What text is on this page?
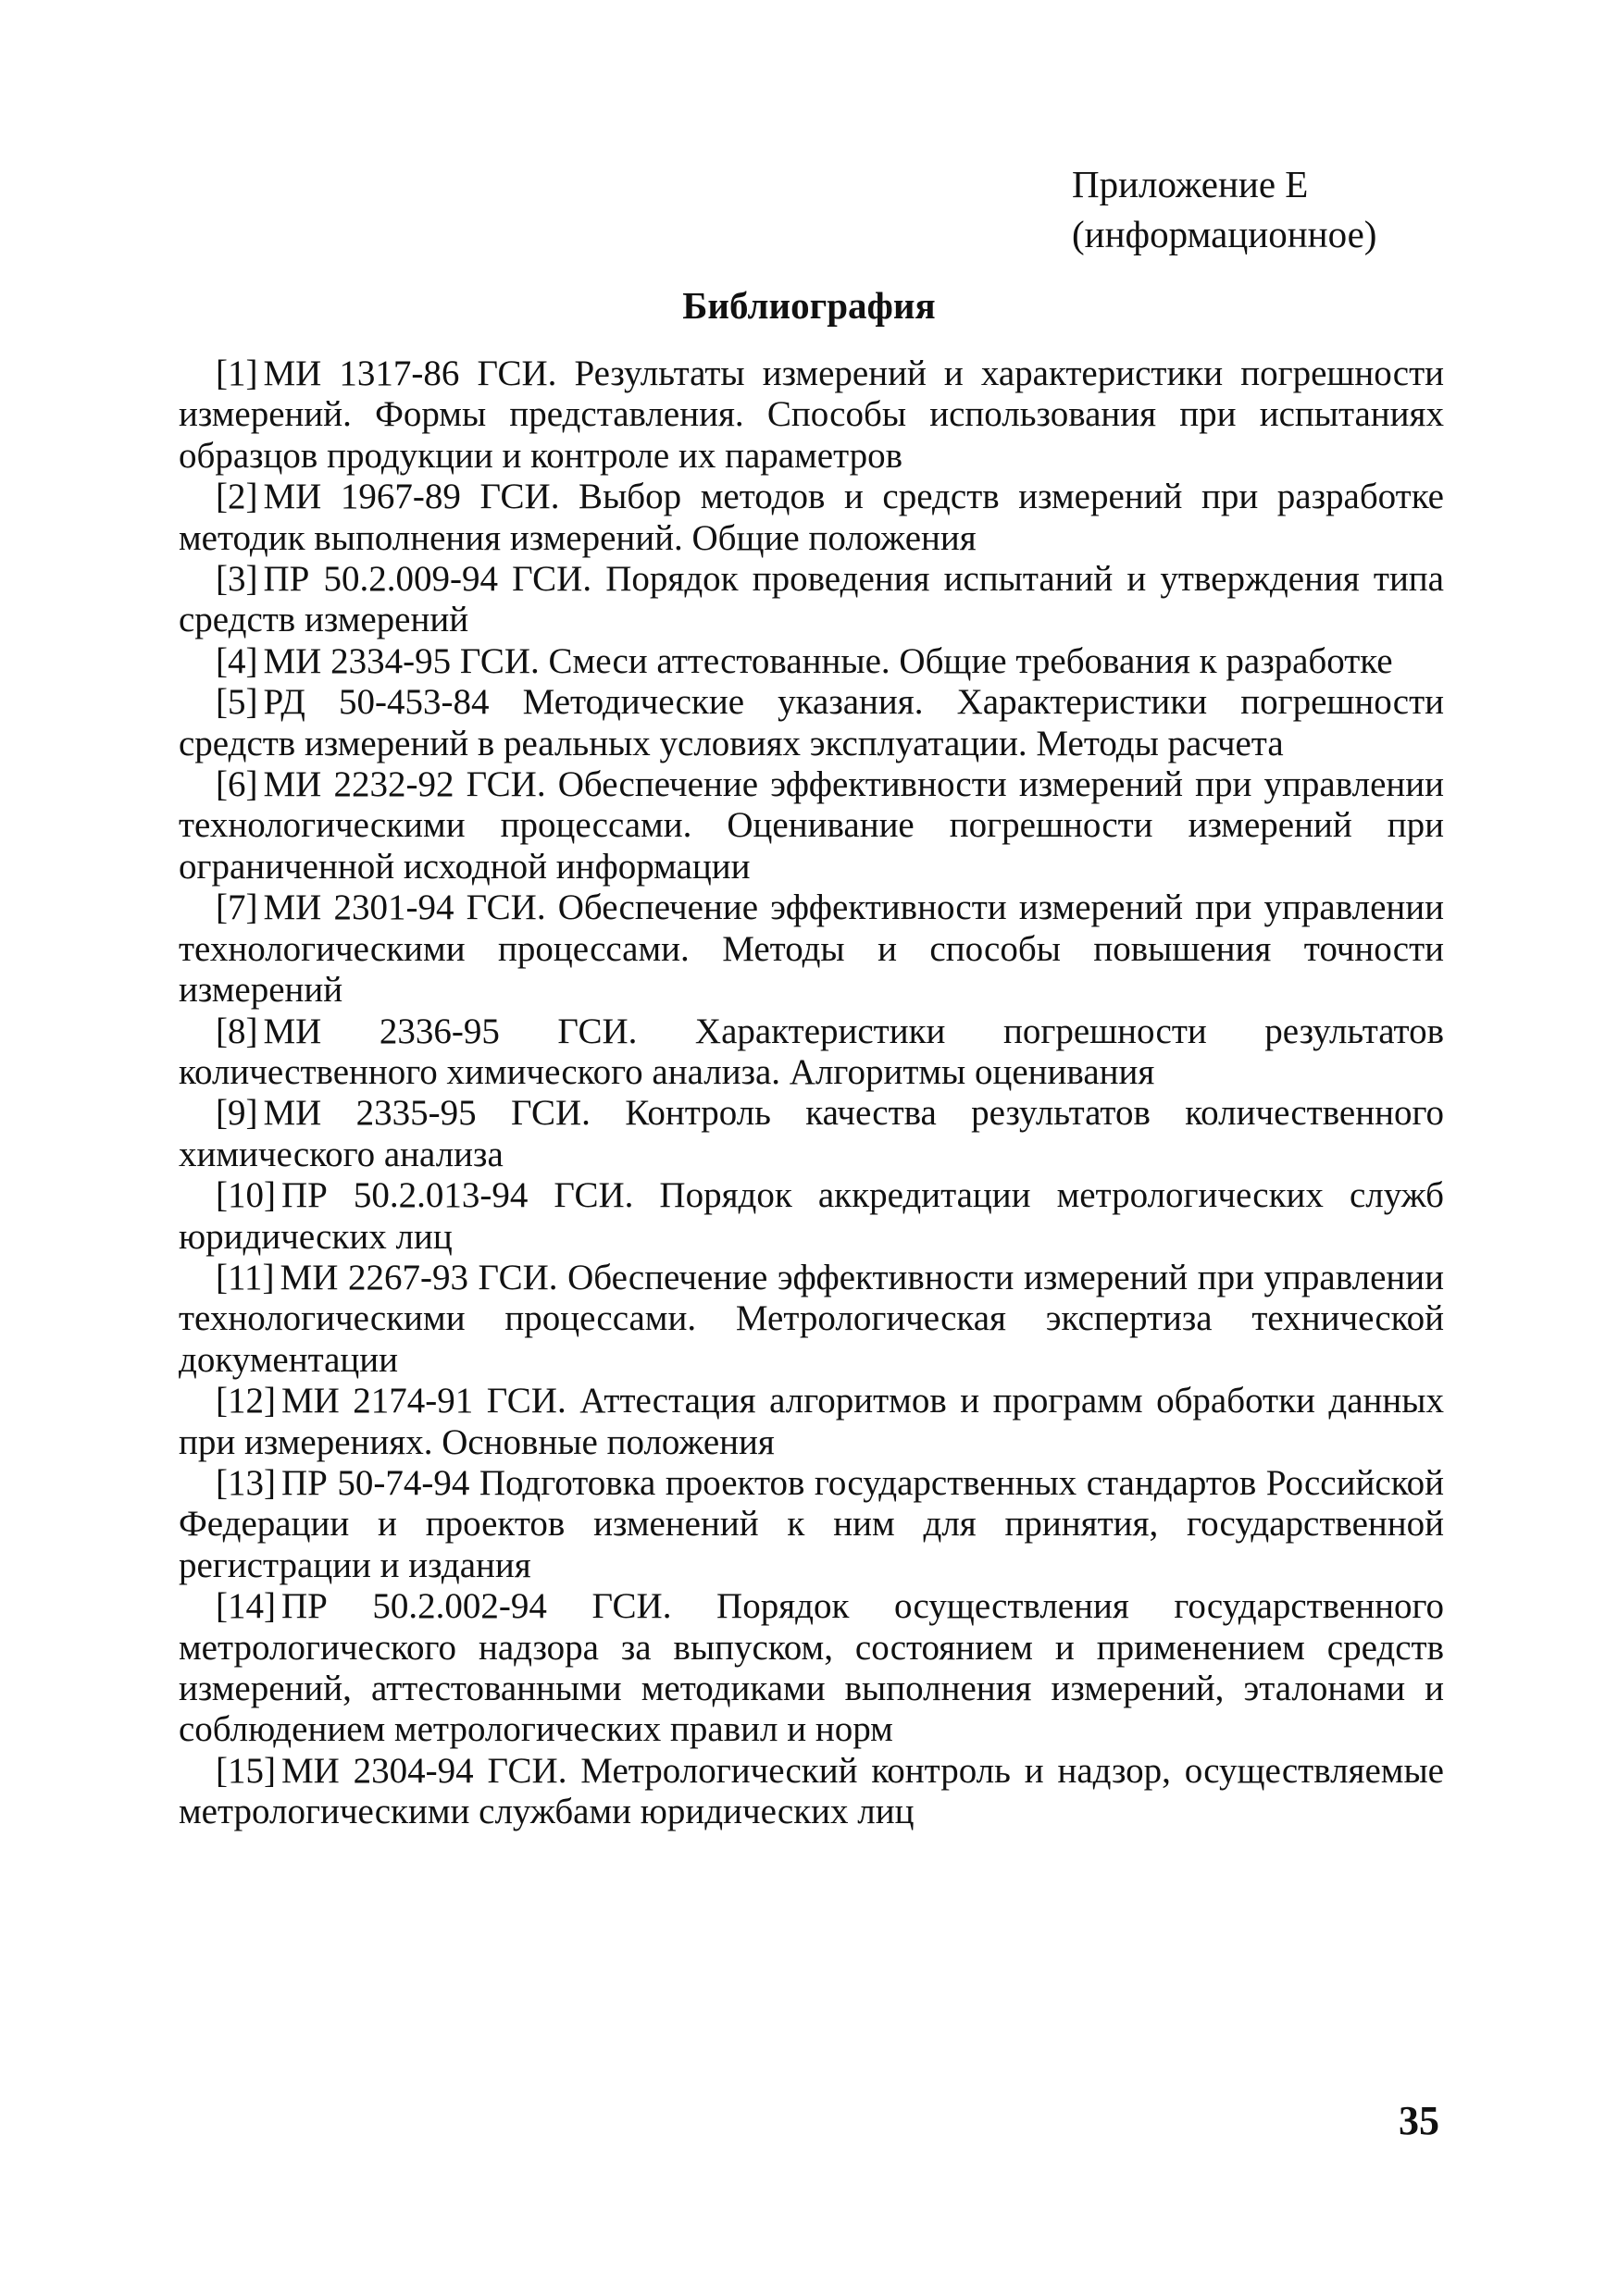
Приложение Е
(информационное)
Библиография

[1] МИ 1317-86 ГСИ. Результаты измерений и характеристики погрешности измерений. Формы представления. Способы использования при испытаниях образцов продукции и контроле их параметров

[2] МИ 1967-89 ГСИ. Выбор методов и средств измерений при разработке методик выполнения измерений. Общие положения

[3] ПР 50.2.009-94 ГСИ. Порядок проведения испытаний и утверждения типа средств измерений

[4] МИ 2334-95 ГСИ. Смеси аттестованные. Общие требования к разработке

[5] РД 50-453-84 Методические указания. Характеристики погрешности средств измерений в реальных условиях эксплуатации. Методы расчета

[6] МИ 2232-92 ГСИ. Обеспечение эффективности измерений при управлении технологическими процессами. Оценивание погрешности измерений при ограниченной исходной информации

[7] МИ 2301-94 ГСИ. Обеспечение эффективности измерений при управлении технологическими процессами. Методы и способы повышения точности измерений

[8] МИ 2336-95 ГСИ. Характеристики погрешности результатов количественного химического анализа. Алгоритмы оценивания

[9] МИ 2335-95 ГСИ. Контроль качества результатов количественного химического анализа

[10] ПР 50.2.013-94 ГСИ. Порядок аккредитации метрологических служб юридических лиц

[11] МИ 2267-93 ГСИ. Обеспечение эффективности измерений при управлении технологическими процессами. Метрологическая экспертиза технической документации

[12] МИ 2174-91 ГСИ. Аттестация алгоритмов и программ обработки данных при измерениях. Основные положения

[13] ПР 50-74-94 Подготовка проектов государственных стандартов Российской Федерации и проектов изменений к ним для принятия, государственной регистрации и издания

[14] ПР 50.2.002-94 ГСИ. Порядок осуществления государственного метрологического надзора за выпуском, состоянием и применением средств измерений, аттестованными методиками выполнения измерений, эталонами и соблюдением метрологических правил и норм

[15] МИ 2304-94 ГСИ. Метрологический контроль и надзор, осуществляемые метрологическими службами юридических лиц

35
